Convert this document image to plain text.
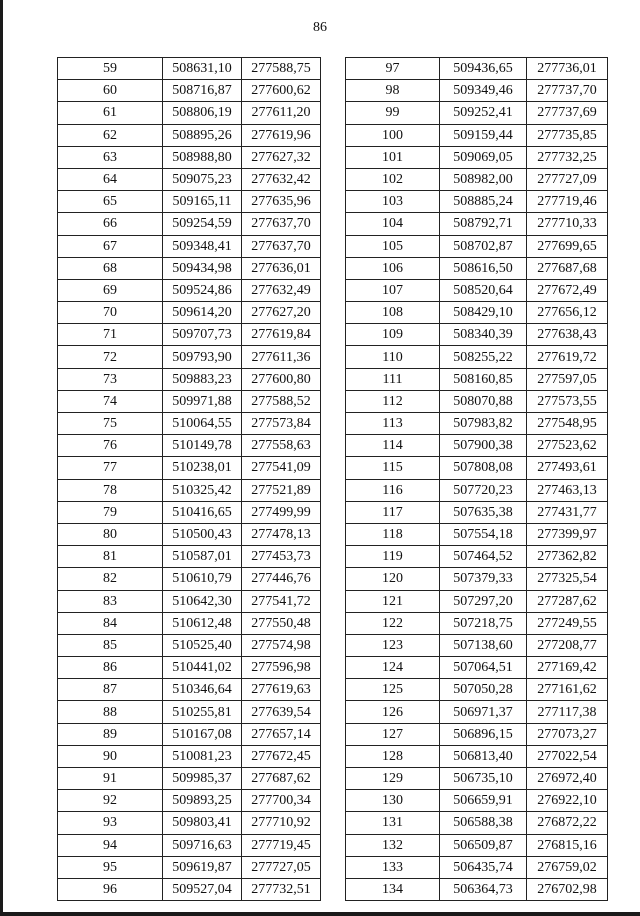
86
59	508631,10	277588,75
60	508716,87	277600,62
61	508806,19	277611,20
62	508895,26	277619,96
63	508988,80	277627,32
64	509075,23	277632,42
65	509165,11	277635,96
66	509254,59	277637,70
67	509348,41	277637,70
68	509434,98	277636,01
69	509524,86	277632,49
70	509614,20	277627,20
71	509707,73	277619,84
72	509793,90	277611,36
73	509883,23	277600,80
74	509971,88	277588,52
75	510064,55	277573,84
76	510149,78	277558,63
77	510238,01	277541,09
78	510325,42	277521,89
79	510416,65	277499,99
80	510500,43	277478,13
81	510587,01	277453,73
82	510610,79	277446,76
83	510642,30	277541,72
84	510612,48	277550,48
85	510525,40	277574,98
86	510441,02	277596,98
87	510346,64	277619,63
88	510255,81	277639,54
89	510167,08	277657,14
90	510081,23	277672,45
91	509985,37	277687,62
92	509893,25	277700,34
93	509803,41	277710,92
94	509716,63	277719,45
95	509619,87	277727,05
96	509527,04	277732,51
97	509436,65	277736,01
98	509349,46	277737,70
99	509252,41	277737,69
100	509159,44	277735,85
101	509069,05	277732,25
102	508982,00	277727,09
103	508885,24	277719,46
104	508792,71	277710,33
105	508702,87	277699,65
106	508616,50	277687,68
107	508520,64	277672,49
108	508429,10	277656,12
109	508340,39	277638,43
110	508255,22	277619,72
111	508160,85	277597,05
112	508070,88	277573,55
113	507983,82	277548,95
114	507900,38	277523,62
115	507808,08	277493,61
116	507720,23	277463,13
117	507635,38	277431,77
118	507554,18	277399,97
119	507464,52	277362,82
120	507379,33	277325,54
121	507297,20	277287,62
122	507218,75	277249,55
123	507138,60	277208,77
124	507064,51	277169,42
125	507050,28	277161,62
126	506971,37	277117,38
127	506896,15	277073,27
128	506813,40	277022,54
129	506735,10	276972,40
130	506659,91	276922,10
131	506588,38	276872,22
132	506509,87	276815,16
133	506435,74	276759,02
134	506364,73	276702,98
